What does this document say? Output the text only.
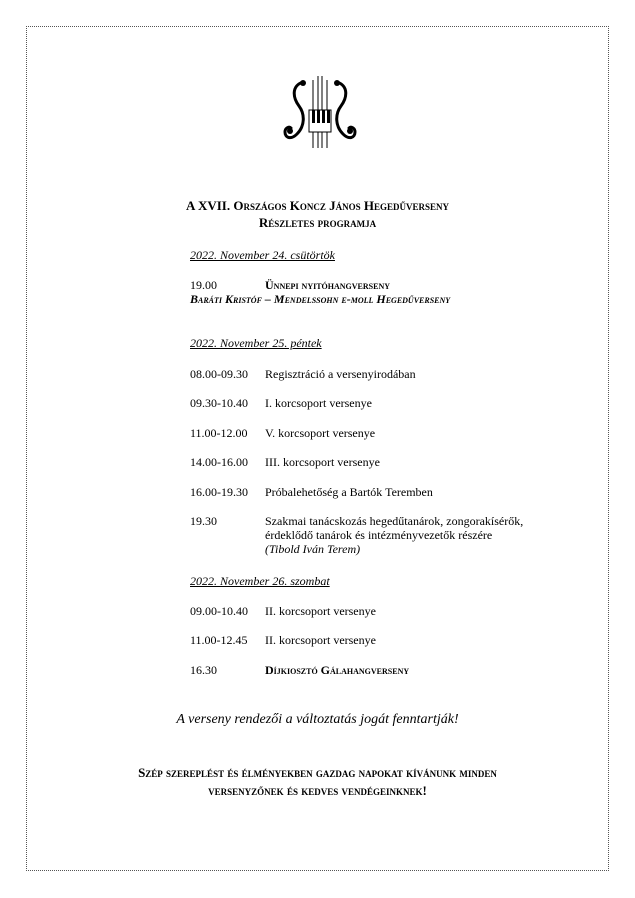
A XVII. Országos Koncz János Hegedűverseny
Részletes programja
2022. November 24. csütörtök
19.00	Ünnepi nyitóhangverseny
Baráti Kristóf – Mendelssohn e-moll Hegedűverseny
2022. November 25. péntek
08.00-09.30 Regisztráció a versenyirodában
09.30-10.40 I. korcsoport versenye
11.00-12.00 V. korcsoport versenye
14.00-16.00 III. korcsoport versenye
16.00-19.30 Próbalehetőség a Bartók Teremben
19.30	Szakmai tanácskozás hegedűtanárok, zongorakísérők,
érdeklődő tanárok és intézményvezetők részére
(Tibold Iván Terem)
2022. November 26. szombat
09.00-10.40 II. korcsoport versenye
11.00-12.45 II. korcsoport versenye
16.30	Díjkiosztó Gálahangverseny
A verseny rendezői a változtatás jogát fenntartják!
Szép szereplést és élményekben gazdag napokat kívánunk minden
versenyzőnek és kedves vendégeinknek!
